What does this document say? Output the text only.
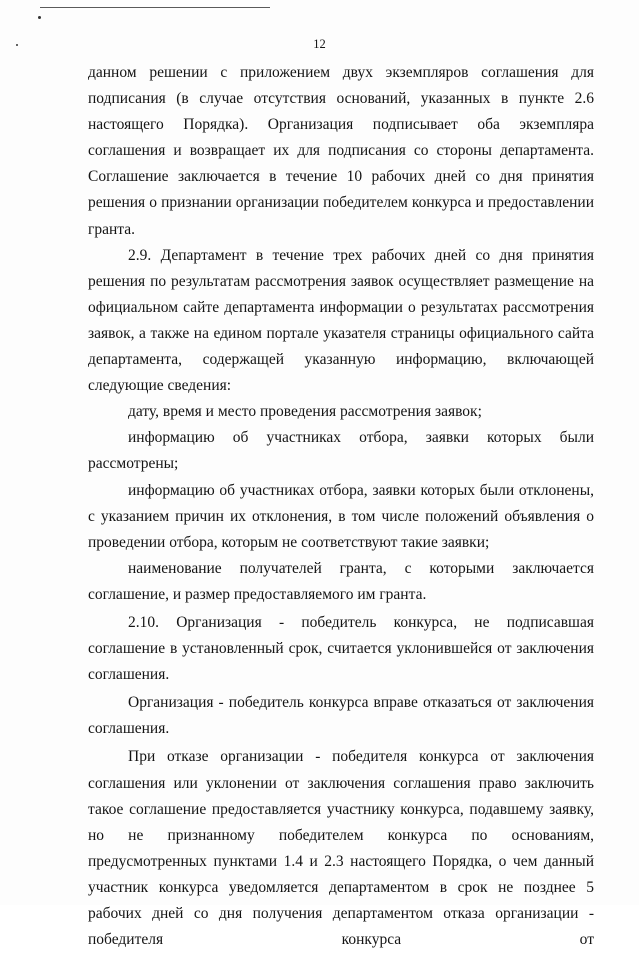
12

данном решении с приложением двух экземпляров соглашения для подписания (в случае отсутствия оснований, указанных в пункте 2.6 настоящего Порядка). Организация подписывает оба экземпляра соглашения и возвращает их для подписания со стороны департамента. Соглашение заключается в течение 10 рабочих дней со дня принятия решения о признании организации победителем конкурса и предоставлении гранта.

2.9. Департамент в течение трех рабочих дней со дня принятия решения по результатам рассмотрения заявок осуществляет размещение на официальном сайте департамента информации о результатах рассмотрения заявок, а также на едином портале указателя страницы официального сайта департамента, содержащей указанную информацию, включающей следующие сведения:

дату, время и место проведения рассмотрения заявок;

информацию об участниках отбора, заявки которых были рассмотрены;

информацию об участниках отбора, заявки которых были отклонены, с указанием причин их отклонения, в том числе положений объявления о проведении отбора, которым не соответствуют такие заявки;

наименование получателей гранта, с которыми заключается соглашение, и размер предоставляемого им гранта.

2.10. Организация - победитель конкурса, не подписавшая соглашение в установленный срок, считается уклонившейся от заключения соглашения.

Организация - победитель конкурса вправе отказаться от заключения соглашения.

При отказе организации - победителя конкурса от заключения соглашения или уклонении от заключения соглашения право заключить такое соглашение предоставляется участнику конкурса, подавшему заявку, но не признанному победителем конкурса по основаниям, предусмотренных пунктами 1.4 и 2.3 настоящего Порядка, о чем данный участник конкурса уведомляется департаментом в срок не позднее 5 рабочих дней со дня получения департаментом отказа организации - победителя конкурса от
